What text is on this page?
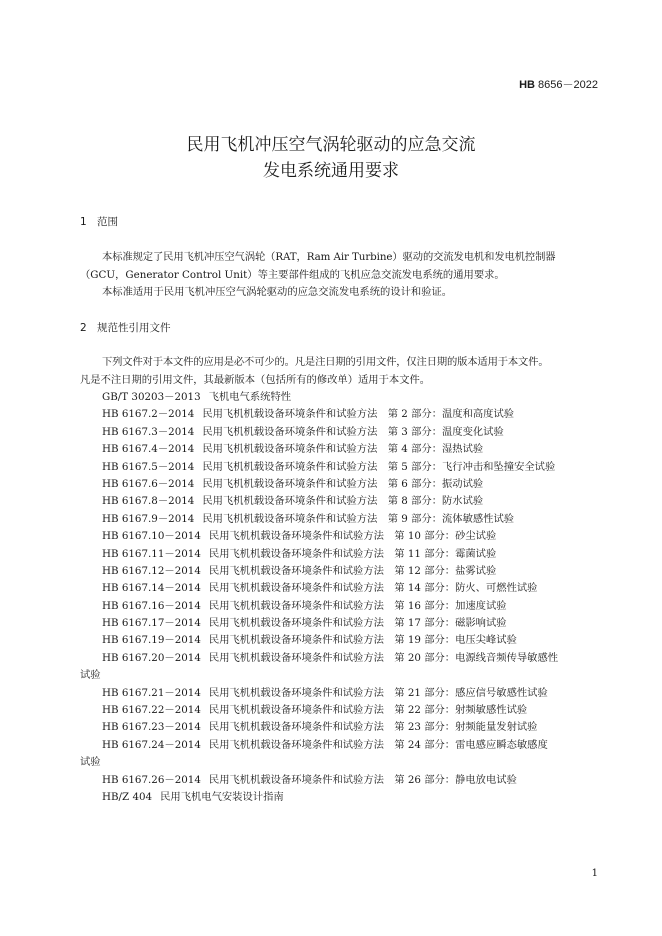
HB 8656－2022
民用飞机冲压空气涡轮驱动的应急交流
发电系统通用要求
1 范围
本标准规定了民用飞机冲压空气涡轮（RAT，Ram Air Turbine）驱动的交流发电机和发电机控制器
（GCU，Generator Control Unit）等主要部件组成的飞机应急交流发电系统的通用要求。
本标准适用于民用飞机冲压空气涡轮驱动的应急交流发电系统的设计和验证。
2 规范性引用文件
下列文件对于本文件的应用是必不可少的。凡是注日期的引用文件，仅注日期的版本适用于本文件。
凡是不注日期的引用文件，其最新版本（包括所有的修改单）适用于本文件。
GB/T 30203－2013 飞机电气系统特性
HB 6167.2－2014 民用飞机机载设备环境条件和试验方法　第 2 部分：温度和高度试验
HB 6167.3－2014 民用飞机机载设备环境条件和试验方法　第 3 部分：温度变化试验
HB 6167.4－2014 民用飞机机载设备环境条件和试验方法　第 4 部分：湿热试验
HB 6167.5－2014 民用飞机机载设备环境条件和试验方法　第 5 部分：飞行冲击和坠撞安全试验
HB 6167.6－2014 民用飞机机载设备环境条件和试验方法　第 6 部分：振动试验
HB 6167.8－2014 民用飞机机载设备环境条件和试验方法　第 8 部分：防水试验
HB 6167.9－2014 民用飞机机载设备环境条件和试验方法　第 9 部分：流体敏感性试验
HB 6167.10－2014 民用飞机机载设备环境条件和试验方法　第 10 部分：砂尘试验
HB 6167.11－2014 民用飞机机载设备环境条件和试验方法　第 11 部分：霉菌试验
HB 6167.12－2014 民用飞机机载设备环境条件和试验方法　第 12 部分：盐雾试验
HB 6167.14－2014 民用飞机机载设备环境条件和试验方法　第 14 部分：防火、可燃性试验
HB 6167.16－2014 民用飞机机载设备环境条件和试验方法　第 16 部分：加速度试验
HB 6167.17－2014 民用飞机机载设备环境条件和试验方法　第 17 部分：磁影响试验
HB 6167.19－2014 民用飞机机载设备环境条件和试验方法　第 19 部分：电压尖峰试验
HB 6167.20－2014 民用飞机机载设备环境条件和试验方法　第 20 部分：电源线音频传导敏感性
试验
HB 6167.21－2014 民用飞机机载设备环境条件和试验方法　第 21 部分：感应信号敏感性试验
HB 6167.22－2014 民用飞机机载设备环境条件和试验方法　第 22 部分：射频敏感性试验
HB 6167.23－2014 民用飞机机载设备环境条件和试验方法　第 23 部分：射频能量发射试验
HB 6167.24－2014 民用飞机机载设备环境条件和试验方法　第 24 部分：雷电感应瞬态敏感度
试验
HB 6167.26－2014 民用飞机机载设备环境条件和试验方法　第 26 部分：静电放电试验
HB/Z 404 民用飞机电气安装设计指南
1
